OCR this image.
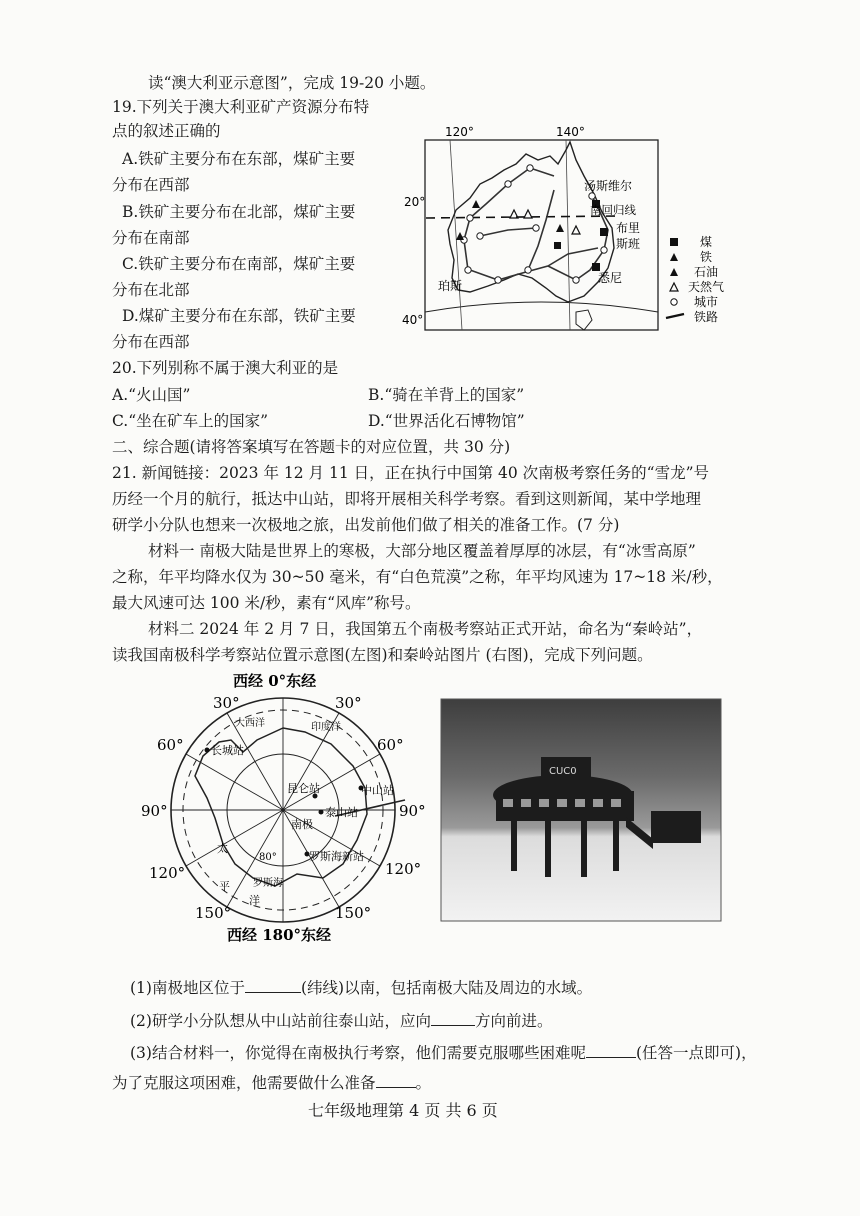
读“澳大利亚示意图”，完成 19-20 小题。
19.下列关于澳大利亚矿产资源分布特
点的叙述正确的
A.铁矿主要分布在东部，煤矿主要
分布在西部
B.铁矿主要分布在北部，煤矿主要
分布在南部
C.铁矿主要分布在南部，煤矿主要
分布在北部
D.煤矿主要分布在东部，铁矿主要
分布在西部
120°	140°
20°
40°
汤斯维尔
南回归线
布里
斯班
悉尼
珀斯
煤
铁
石油
天然气
城市
铁路
20.下列别称不属于澳大利亚的是
A.“火山国”	B.“骑在羊背上的国家”
C.“坐在矿车上的国家”	D.“世界活化石博物馆”
二、综合题(请将答案填写在答题卡的对应位置，共 30 分)
21. 新闻链接：2023 年 12 月 11 日，正在执行中国第 40 次南极考察任务的“雪龙”号
历经一个月的航行，抵达中山站，即将开展相关科学考察。看到这则新闻，某中学地理
研学小分队也想来一次极地之旅，出发前他们做了相关的准备工作。(7 分)
材料一 南极大陆是世界上的寒极，大部分地区覆盖着厚厚的冰层，有“冰雪高原”
之称，年平均降水仅为 30~50 毫米，有“白色荒漠”之称，年平均风速为 17~18 米/秒，
最大风速可达 100 米/秒，素有“风库”称号。
材料二 2024 年 2 月 7 日，我国第五个南极考察站正式开站，命名为“秦岭站”，
读我国南极科学考察站位置示意图(左图)和秦岭站图片 (右图)，完成下列问题。
西经 0°东经
西经 180°东经
30°
30°
60°	60°
90°	90°
120°	120°
150°	150°
大西洋	印度洋
太
平
洋
长城站
昆仑站	中山站
泰山站
南极
罗斯海新站
罗斯海
80°
CUC0
(1)南极地区位于	(纬线)以南，包括南极大陆及周边的水域。
(2)研学小分队想从中山站前往泰山站，应向	方向前进。
(3)结合材料一，你觉得在南极执行考察，他们需要克服哪些困难呢	(任答一点即可)，
为了克服这项困难，他需要做什么准备	。
七年级地理第 4 页 共 6 页
